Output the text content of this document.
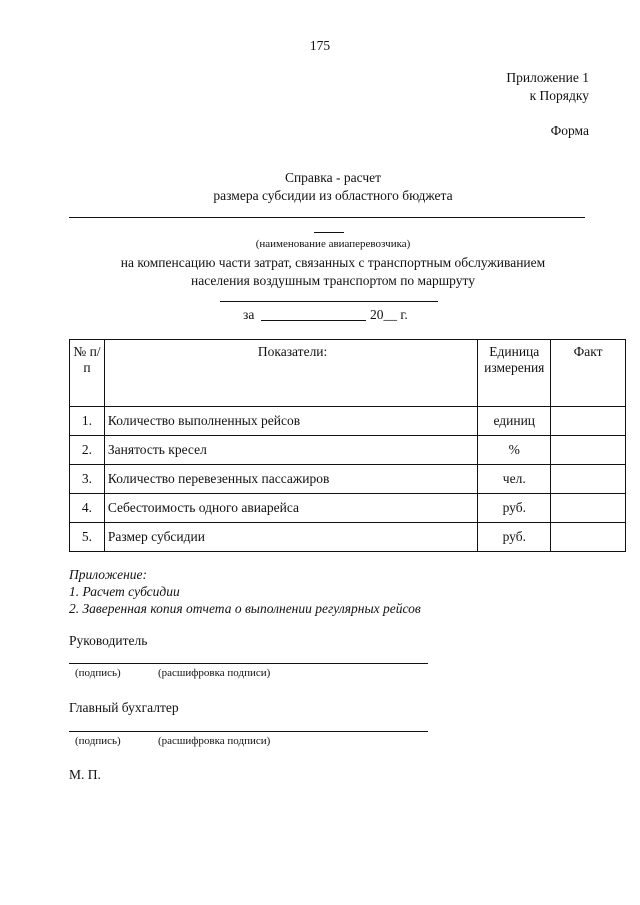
175
Приложение 1
к Порядку
Форма
Справка - расчет
размера субсидии из областного бюджета
(наименование авиаперевозчика)
на компенсацию части затрат, связанных с транспортным обслуживанием
населения воздушным транспортом по маршруту
за	20__ г.
№ п/п	Показатели:	Единица измерения	Факт
1.	Количество выполненных рейсов	единиц	
2.	Занятость кресел	%	
3.	Количество перевезенных пассажиров	чел.	
4.	Себестоимость одного авиарейса	руб.	
5.	Размер субсидии	руб.	
Приложение:
1. Расчет субсидии
2. Заверенная копия отчета о выполнении регулярных рейсов
Руководитель
(подпись)	(расшифровка подписи)
Главный бухгалтер
(подпись)	(расшифровка подписи)
М. П.
